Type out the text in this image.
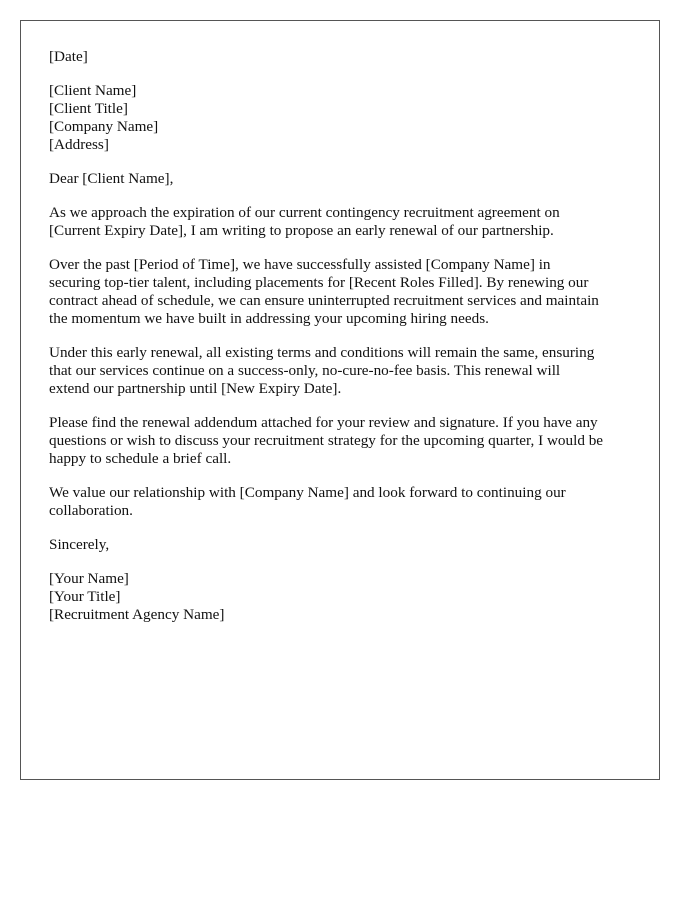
[Date]
[Client Name]
[Client Title]
[Company Name]
[Address]
Dear [Client Name],
As we approach the expiration of our current contingency recruitment agreement on
[Current Expiry Date], I am writing to propose an early renewal of our partnership.
Over the past [Period of Time], we have successfully assisted [Company Name] in
securing top-tier talent, including placements for [Recent Roles Filled]. By renewing our
contract ahead of schedule, we can ensure uninterrupted recruitment services and maintain
the momentum we have built in addressing your upcoming hiring needs.
Under this early renewal, all existing terms and conditions will remain the same, ensuring
that our services continue on a success-only, no-cure-no-fee basis. This renewal will
extend our partnership until [New Expiry Date].
Please find the renewal addendum attached for your review and signature. If you have any
questions or wish to discuss your recruitment strategy for the upcoming quarter, I would be
happy to schedule a brief call.
We value our relationship with [Company Name] and look forward to continuing our
collaboration.
Sincerely,
[Your Name]
[Your Title]
[Recruitment Agency Name]
